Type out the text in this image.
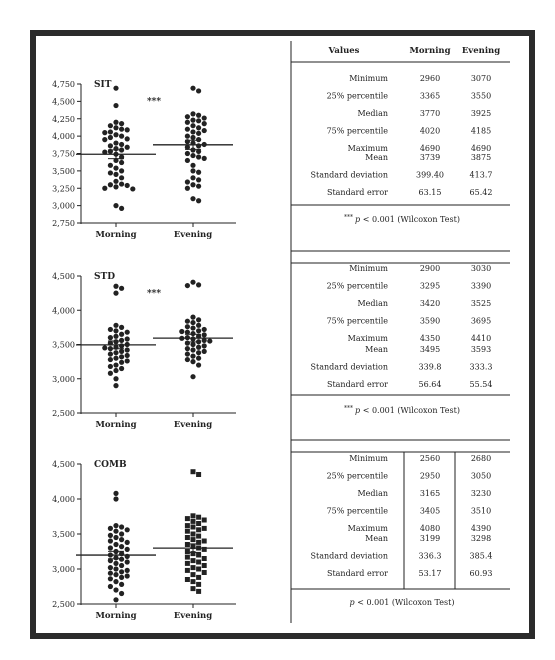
2,750
3,000
3,250
3,500
3,750
4,000
4,250
4,500
4,750
Morning	Evening
SIT
***
2,500
3,000
3,500
4,000
4,500
Morning	Evening
STD
***
2,500
3,000
3,500
4,000
4,500
Morning	Evening
COMB
Values	Morning Evening
Minimum	2960	3070
25% percentile	3365	3550
Median	3770	3925
75% percentile	4020	4185
Maximum	4690	4690
Mean	3739	3875
Standard deviation	399.40	413.7
Standard error	63.15	65.42
*** p < 0.001 (Wilcoxon Test)
Minimum	2900	3030
25% percentile	3295	3390
Median	3420	3525
75% percentile	3590	3695
Maximum	4350	4410
Mean	3495	3593
Standard deviation	339.8	333.3
Standard error	56.64	55.54
*** p < 0.001 (Wilcoxon Test)
Minimum	2560	2680
25% percentile	2950	3050
Median	3165	3230
75% percentile	3405	3510
Maximum	4080	4390
Mean	3199	3298
Standard deviation	336.3	385.4
Standard error	53.17	60.93
p < 0.001 (Wilcoxon Test)
